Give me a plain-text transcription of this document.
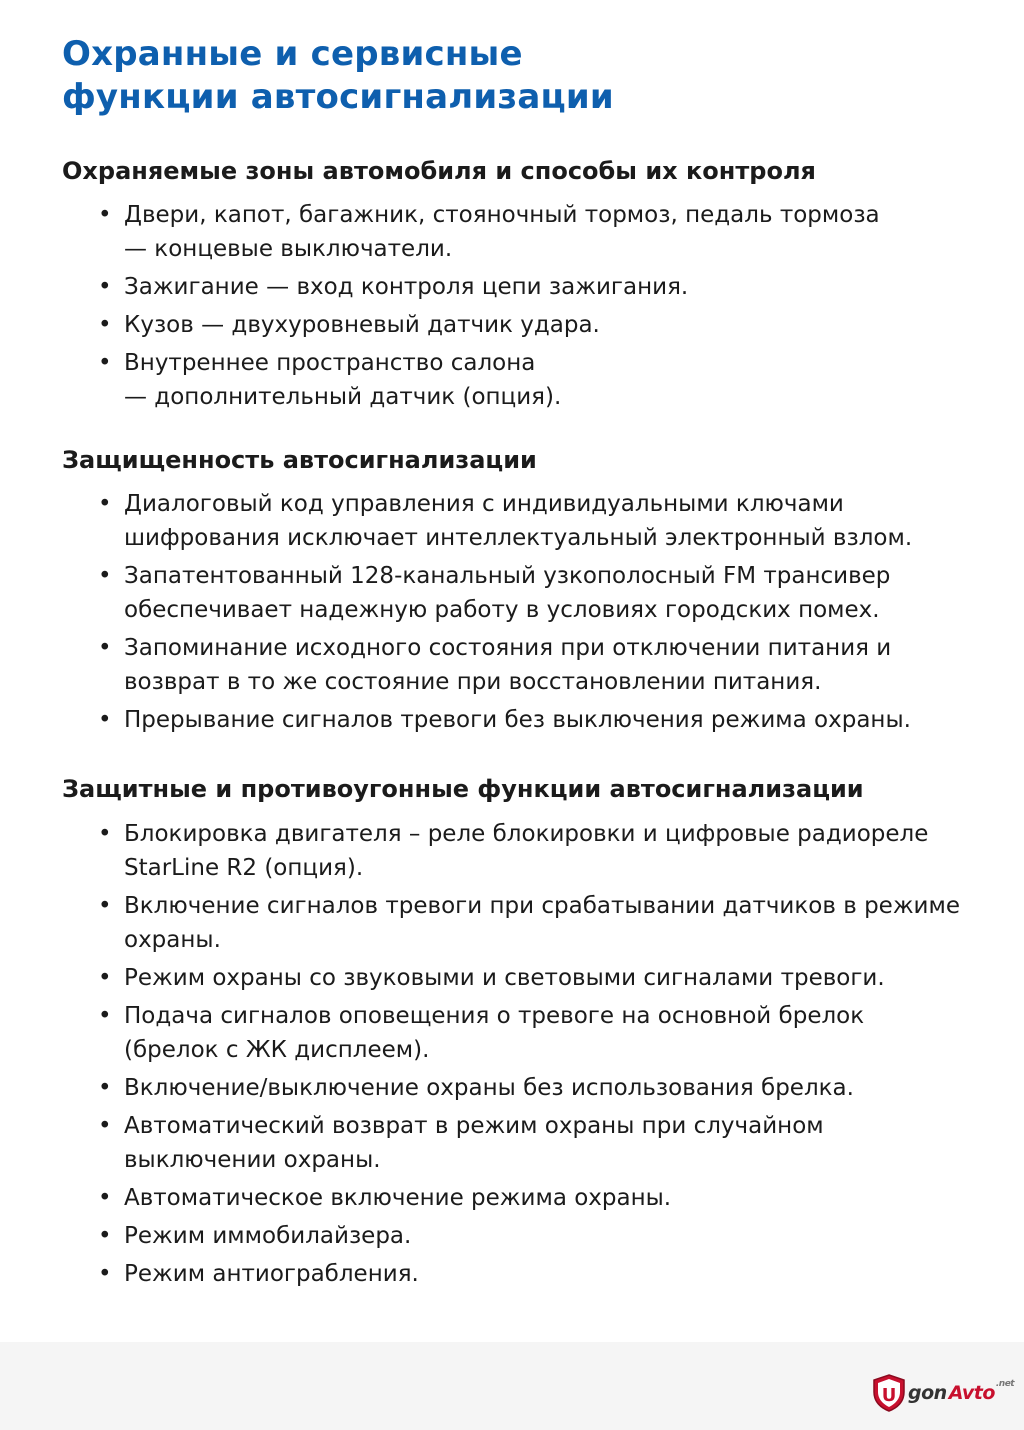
Охранные и сервисные
функции автосигнализации
Охраняемые зоны автомобиля и способы их контроля
• Двери, капот, багажник, стояночный тормоз, педаль тормоза
— концевые выключатели.
• Зажигание — вход контроля цепи зажигания.
• Кузов — двухуровневый датчик удара.
• Внутреннее пространство салона
— дополнительный датчик (опция).
Защищенность автосигнализации
• Диалоговый код управления с индивидуальными ключами
шифрования исключает интеллектуальный электронный взлом.
• Запатентованный 128-канальный узкополосный FM трансивер
обеспечивает надежную работу в условиях городских помех.
• Запоминание исходного состояния при отключении питания и
возврат в то же состояние при восстановлении питания.
• Прерывание сигналов тревоги без выключения режима охраны.
Защитные и противоугонные функции автосигнализации
• Блокировка двигателя – реле блокировки и цифровые радиореле
StarLine R2 (опция).
• Включение сигналов тревоги при срабатывании датчиков в режиме
охраны.
• Режим охраны со звуковыми и световыми сигналами тревоги.
• Подача сигналов оповещения о тревоге на основной брелок
(брелок с ЖК дисплеем).
• Включение/выключение охраны без использования брелка.
• Автоматический возврат в режим охраны при случайном
выключении охраны.
• Автоматическое включение режима охраны.
• Режим иммобилайзера.
• Режим антиограбления.
U gon Avto .net
